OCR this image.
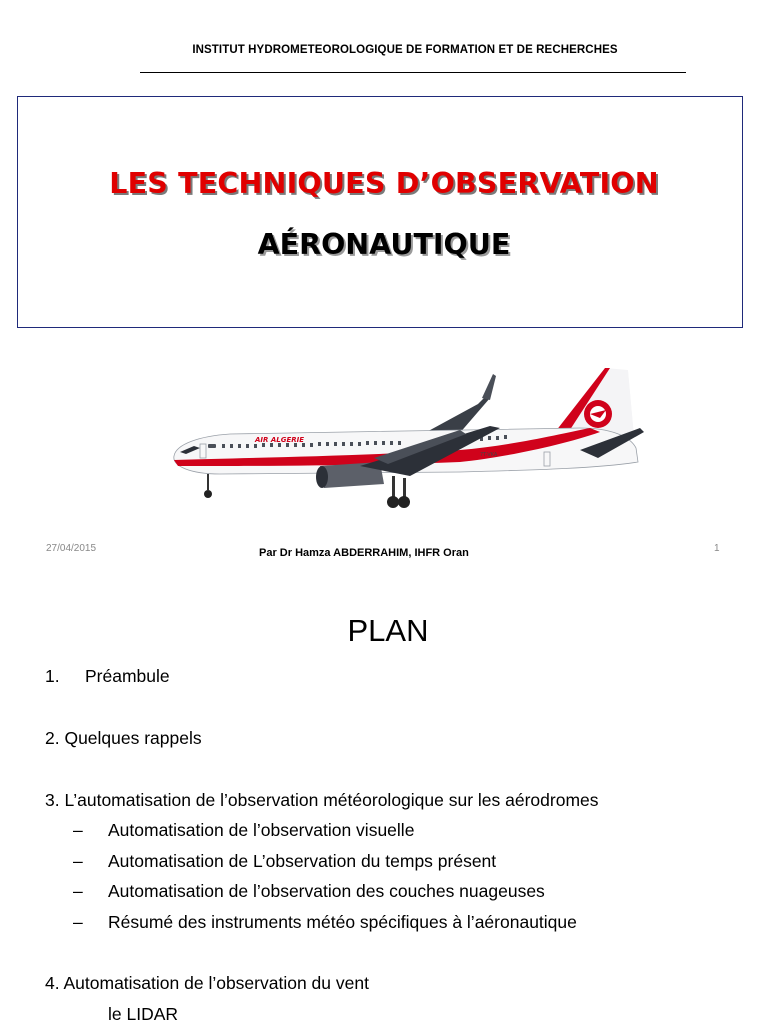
INSTITUT HYDROMETEOROLOGIQUE DE FORMATION ET DE RECHERCHES
LES TECHNIQUES D’OBSERVATION
AÉRONAUTIQUE
AIR ALGERIE
7T-VKA
27/04/2015	Par Dr Hamza ABDERRAHIM, IHFR Oran	1
PLAN
1. Préambule
2. Quelques rappels
3. L’automatisation de l’observation météorologique sur les aérodromes
– Automatisation de l’observation visuelle
– Automatisation de L’observation du temps présent
– Automatisation de l’observation des couches nuageuses
– Résumé des instruments météo spécifiques à l’aéronautique
4. Automatisation de l’observation du vent
le LIDAR
